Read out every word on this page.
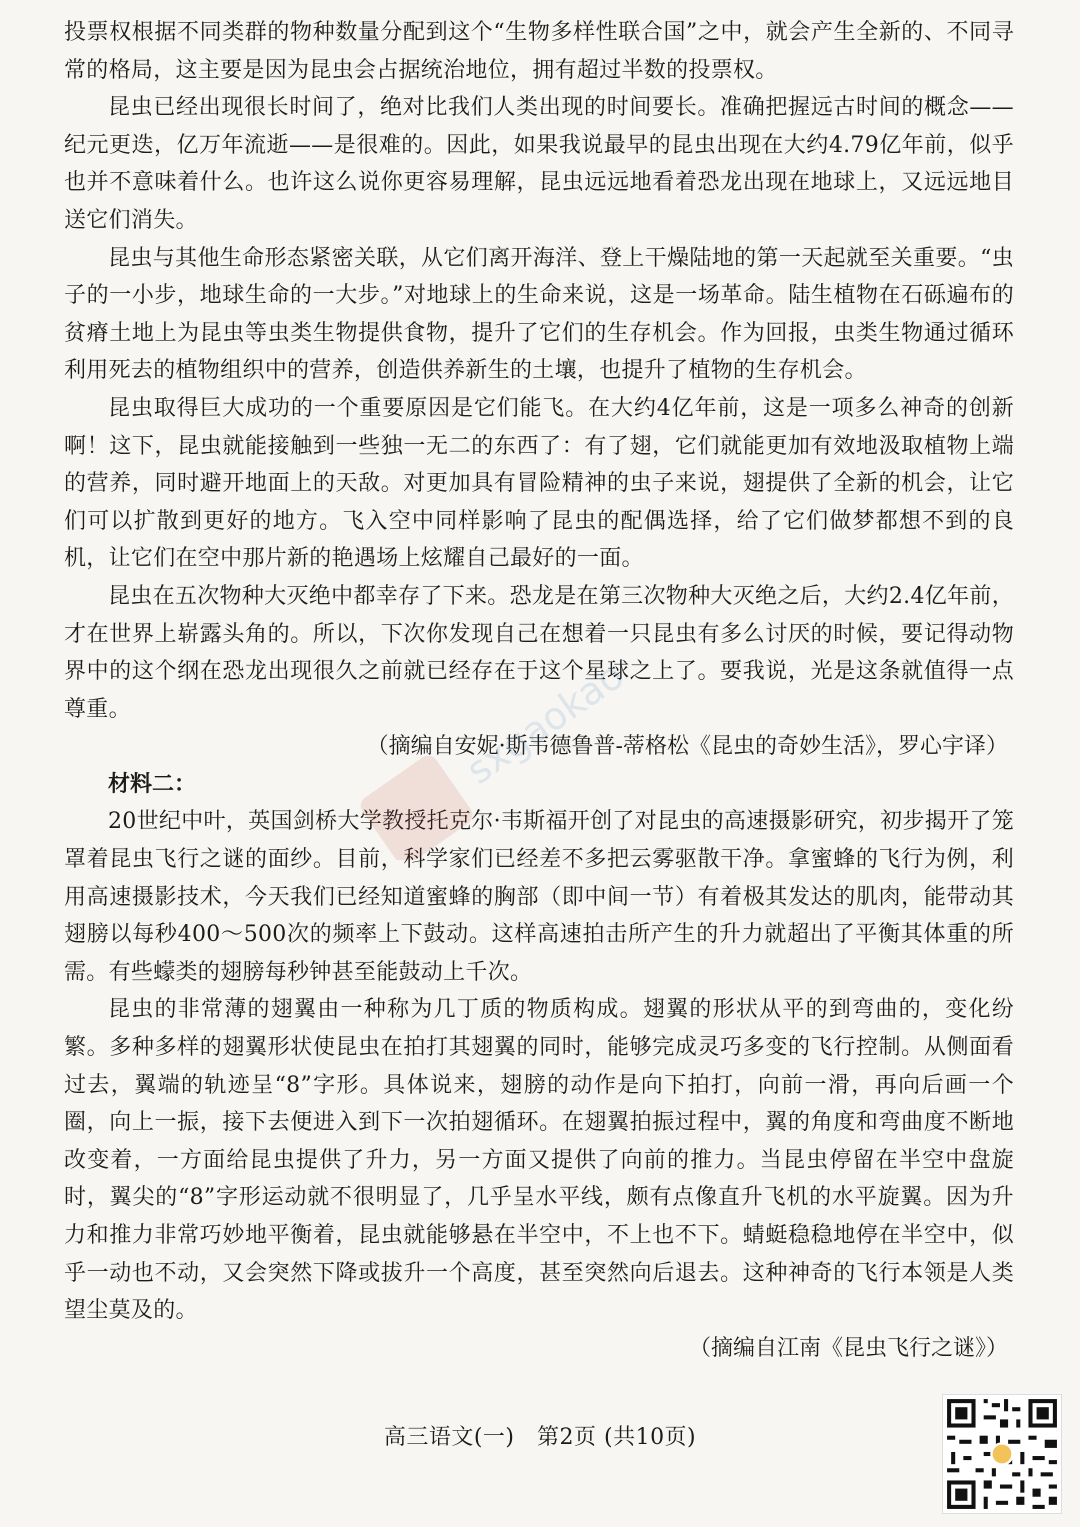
投票权根据不同类群的物种数量分配到这个“生物多样性联合国”之中，就会产生全新的、不同寻常的格局，这主要是因为昆虫会占据统治地位，拥有超过半数的投票权。

昆虫已经出现很长时间了，绝对比我们人类出现的时间要长。准确把握远古时间的概念——纪元更迭，亿万年流逝——是很难的。因此，如果我说最早的昆虫出现在大约4.79亿年前，似乎也并不意味着什么。也许这么说你更容易理解，昆虫远远地看着恐龙出现在地球上，又远远地目送它们消失。

昆虫与其他生命形态紧密关联，从它们离开海洋、登上干燥陆地的第一天起就至关重要。“虫子的一小步，地球生命的一大步。”对地球上的生命来说，这是一场革命。陆生植物在石砾遍布的贫瘠土地上为昆虫等虫类生物提供食物，提升了它们的生存机会。作为回报，虫类生物通过循环利用死去的植物组织中的营养，创造供养新生的土壤，也提升了植物的生存机会。

昆虫取得巨大成功的一个重要原因是它们能飞。在大约4亿年前，这是一项多么神奇的创新啊！这下，昆虫就能接触到一些独一无二的东西了：有了翅，它们就能更加有效地汲取植物上端的营养，同时避开地面上的天敌。对更加具有冒险精神的虫子来说，翅提供了全新的机会，让它们可以扩散到更好的地方。飞入空中同样影响了昆虫的配偶选择，给了它们做梦都想不到的良机，让它们在空中那片新的艳遇场上炫耀自己最好的一面。

昆虫在五次物种大灭绝中都幸存了下来。恐龙是在第三次物种大灭绝之后，大约2.4亿年前，才在世界上崭露头角的。所以，下次你发现自己在想着一只昆虫有多么讨厌的时候，要记得动物界中的这个纲在恐龙出现很久之前就已经存在于这个星球之上了。要我说，光是这条就值得一点尊重。

（摘编自安妮·斯韦德鲁普-蒂格松《昆虫的奇妙生活》，罗心宇译）

材料二：

20世纪中叶，英国剑桥大学教授托克尔·韦斯福开创了对昆虫的高速摄影研究，初步揭开了笼罩着昆虫飞行之谜的面纱。目前，科学家们已经差不多把云雾驱散干净。拿蜜蜂的飞行为例，利用高速摄影技术，今天我们已经知道蜜蜂的胸部（即中间一节）有着极其发达的肌肉，能带动其翅膀以每秒400～500次的频率上下鼓动。这样高速拍击所产生的升力就超出了平衡其体重的所需。有些蠓类的翅膀每秒钟甚至能鼓动上千次。

昆虫的非常薄的翅翼由一种称为几丁质的物质构成。翅翼的形状从平的到弯曲的，变化纷繁。多种多样的翅翼形状使昆虫在拍打其翅翼的同时，能够完成灵巧多变的飞行控制。从侧面看过去，翼端的轨迹呈“8”字形。具体说来，翅膀的动作是向下拍打，向前一滑，再向后画一个圈，向上一振，接下去便进入到下一次拍翅循环。在翅翼拍振过程中，翼的角度和弯曲度不断地改变着，一方面给昆虫提供了升力，另一方面又提供了向前的推力。当昆虫停留在半空中盘旋时，翼尖的“8”字形运动就不很明显了，几乎呈水平线，颇有点像直升飞机的水平旋翼。因为升力和推力非常巧妙地平衡着，昆虫就能够悬在半空中，不上也不下。蜻蜓稳稳地停在半空中，似乎一动也不动，又会突然下降或拔升一个高度，甚至突然向后退去。这种神奇的飞行本领是人类望尘莫及的。

（摘编自江南《昆虫飞行之谜》）

sxgaokao
高三语文(一)　第2页 (共10页)
